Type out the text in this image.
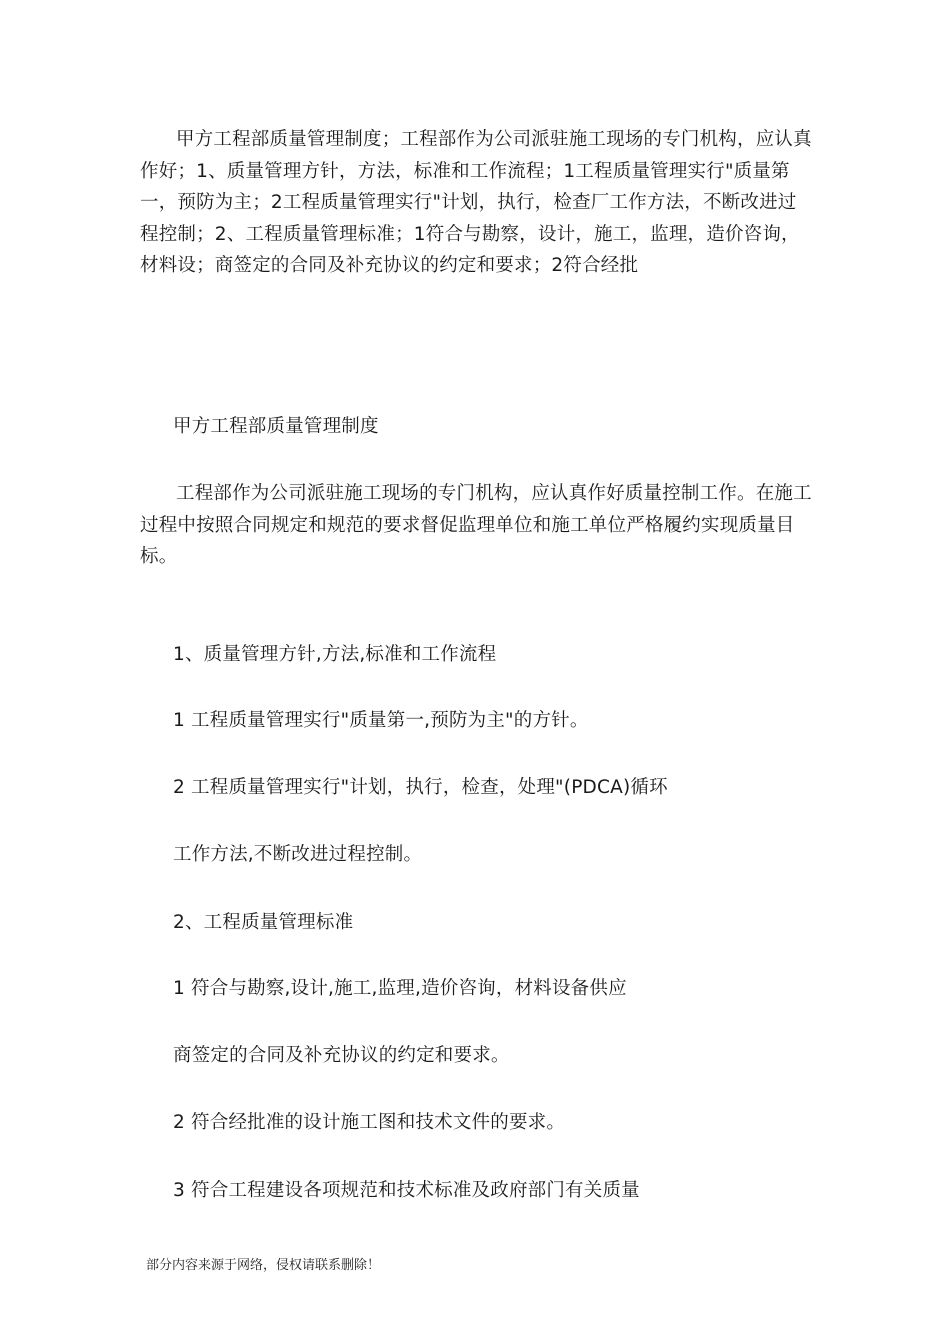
甲方工程部质量管理制度；工程部作为公司派驻施工现场的专门机构，应认真作好；1、质量管理方针，方法，标准和工作流程；1工程质量管理实行"质量第一，预防为主；2工程质量管理实行"计划，执行，检查厂工作方法，不断改进过程控制；2、工程质量管理标准；1符合与勘察，设计，施工，监理，造价咨询，材料设；商签定的合同及补充协议的约定和要求；2符合经批

甲方工程部质量管理制度

工程部作为公司派驻施工现场的专门机构，应认真作好质量控制工作。在施工过程中按照合同规定和规范的要求督促监理单位和施工单位严格履约实现质量目标。

1、质量管理方针,方法,标准和工作流程

1 工程质量管理实行"质量第一,预防为主"的方针。

2 工程质量管理实行"计划，执行，检查，处理"(PDCA)循环

工作方法,不断改进过程控制。

2、工程质量管理标准

1 符合与勘察,设计,施工,监理,造价咨询，材料设备供应

商签定的合同及补充协议的约定和要求。

2 符合经批准的设计施工图和技术文件的要求。

3 符合工程建设各项规范和技术标准及政府部门有关质量

部分内容来源于网络，侵权请联系删除！
